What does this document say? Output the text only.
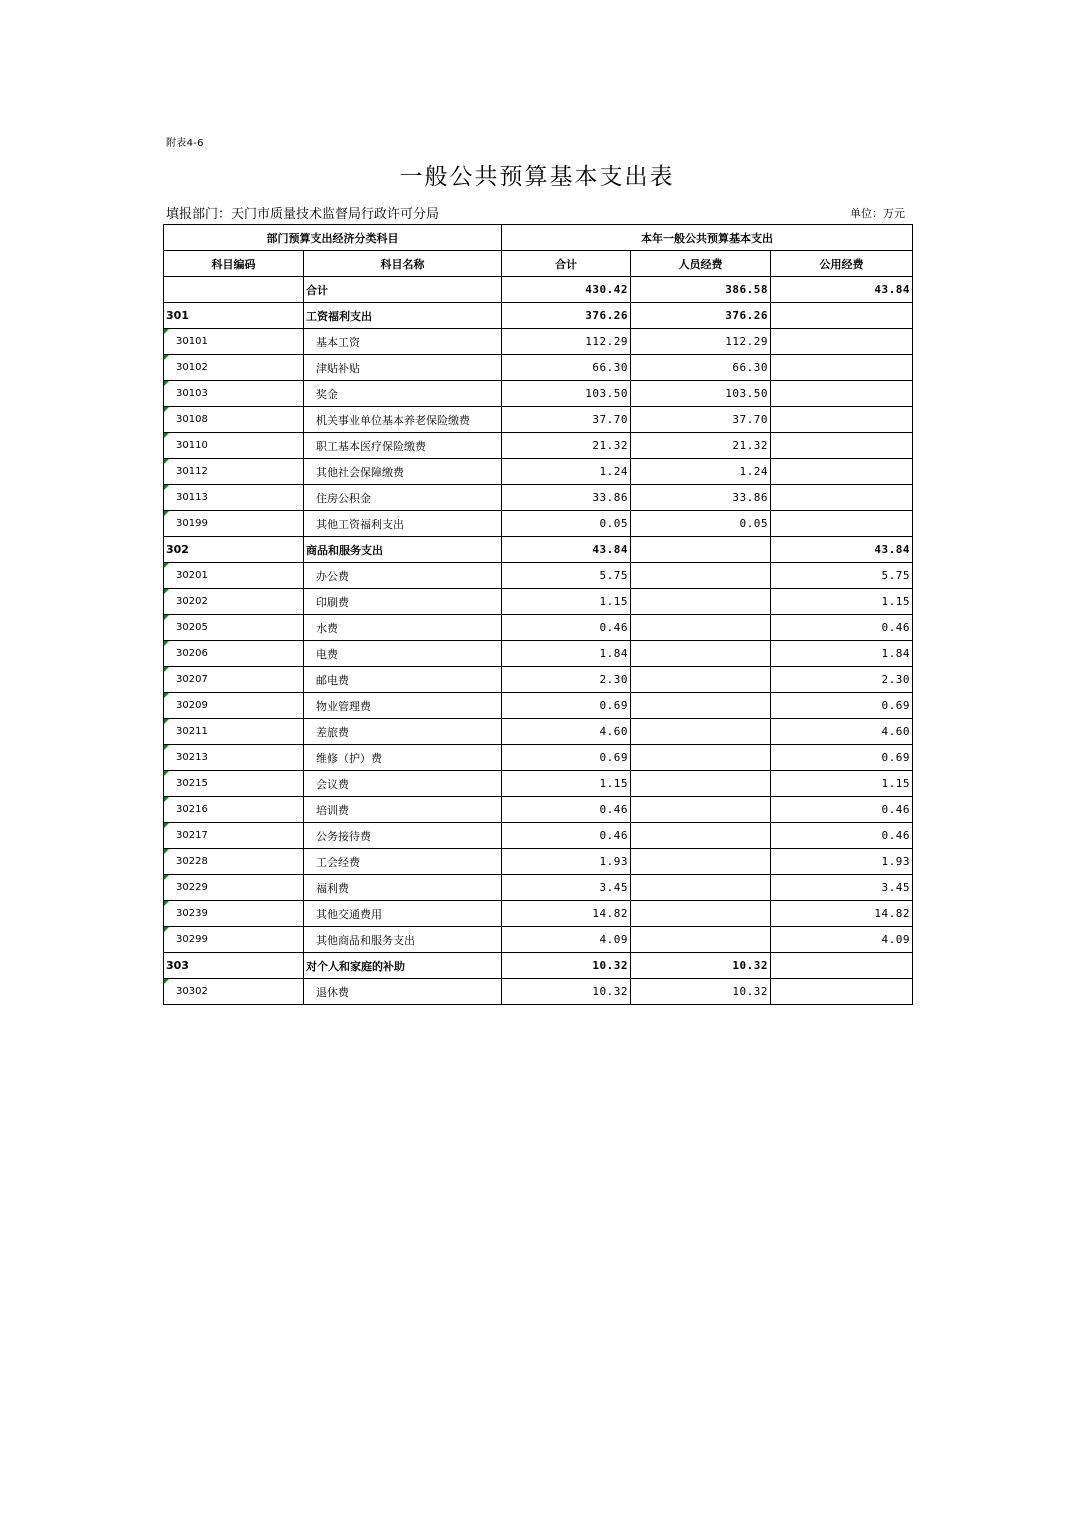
附表4-6
一般公共预算基本支出表
填报部门：天门市质量技术监督局行政许可分局	单位：万元
部门预算支出经济分类科目		本年一般公共预算基本支出		
科目编码	科目名称	合计	人员经费	公用经费
	合计	430.42	386.58	43.84
301	工资福利支出	376.26	376.26	
30101	基本工资	112.29	112.29	
30102	津贴补贴	66.30	66.30	
30103	奖金	103.50	103.50	
30108	机关事业单位基本养老保险缴费	37.70	37.70	
30110	职工基本医疗保险缴费	21.32	21.32	
30112	其他社会保障缴费	1.24	1.24	
30113	住房公积金	33.86	33.86	
30199	其他工资福利支出	0.05	0.05	
302	商品和服务支出	43.84		43.84
30201	办公费	5.75		5.75
30202	印刷费	1.15		1.15
30205	水费	0.46		0.46
30206	电费	1.84		1.84
30207	邮电费	2.30		2.30
30209	物业管理费	0.69		0.69
30211	差旅费	4.60		4.60
30213	维修（护）费	0.69		0.69
30215	会议费	1.15		1.15
30216	培训费	0.46		0.46
30217	公务接待费	0.46		0.46
30228	工会经费	1.93		1.93
30229	福利费	3.45		3.45
30239	其他交通费用	14.82		14.82
30299	其他商品和服务支出	4.09		4.09
303	对个人和家庭的补助	10.32	10.32	
30302	退休费	10.32	10.32	
